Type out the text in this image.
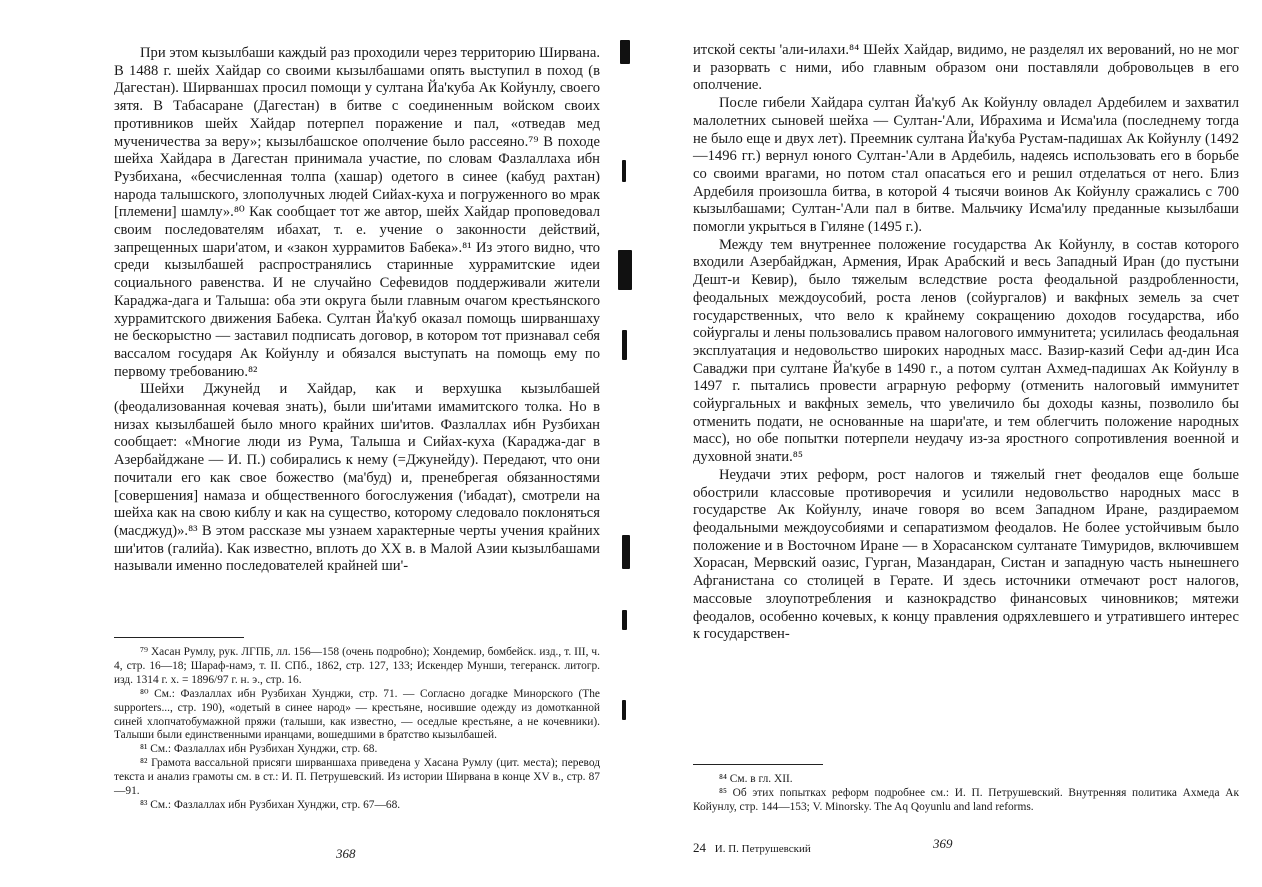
При этом кызылбаши каждый раз проходили через территорию Ширвана. В 1488 г. шейх Хайдар со своими кызылбашами опять выступил в поход (в Дагестан). Ширваншах просил помощи у султана Йа'куба Ак Койунлу, своего зятя. В Табасаране (Дагестан) в битве с соединенным войском своих противников шейх Хайдар потерпел поражение и пал, «отведав мед мученичества за веру»; кызылбашское ополчение было рассеяно.⁷⁹ В походе шейха Хайдара в Дагестан принимала участие, по словам Фазлаллаха ибн Рузбихана, «бесчисленная толпа (хашар) одетого в синее (кабуд рахтан) народа талышского, злополучных людей Сийах-куха и погруженного во мрак [племени] шамлу».⁸⁰ Как сообщает тот же автор, шейх Хайдар проповедовал своим последователям ибахат, т. е. учение о законности действий, запрещенных шари'атом, и «закон хуррамитов Бабека».⁸¹ Из этого видно, что среди кызылбашей распространялись старинные хуррамитские идеи социального равенства. И не случайно Сефевидов поддерживали жители Караджа-дага и Талыша: оба эти округа были главным очагом крестьянского хуррамитского движения Бабека. Султан Йа'куб оказал помощь ширваншаху не бескорыстно — заставил подписать договор, в котором тот признавал себя вассалом государя Ак Койунлу и обязался выступать на помощь ему по первому требованию.⁸²

Шейхи Джунейд и Хайдар, как и верхушка кызылбашей (феодализованная кочевая знать), были ши'итами имамитского толка. Но в низах кызылбашей было много крайних ши'итов. Фазлаллах ибн Рузбихан сообщает: «Многие люди из Рума, Талыша и Сийах-куха (Караджа-даг в Азербайджане — И. П.) собирались к нему (=Джунейду). Передают, что они почитали его как свое божество (ма'буд) и, пренебрегая обязанностями [совершения] намаза и общественного богослужения ('ибадат), смотрели на шейха как на свою киблу и как на существо, которому следовало поклоняться (масджуд)».⁸³ В этом рассказе мы узнаем характерные черты учения крайних ши'итов (галийа). Как известно, вплоть до XX в. в Малой Азии кызылбашами называли именно последователей крайней ши'-

⁷⁹ Хасан Румлу, рук. ЛГПБ, лл. 156—158 (очень подробно); Хондемир, бомбейск. изд., т. III, ч. 4, стр. 16—18; Шараф-намэ, т. II. СПб., 1862, стр. 127, 133; Искендер Мунши, тегеранск. литогр. изд. 1314 г. х. = 1896/97 г. н. э., стр. 16.

⁸⁰ См.: Фазлаллах ибн Рузбихан Хунджи, стр. 71. — Согласно догадке Минорского (The supporters..., стр. 190), «одетый в синее народ» — крестьяне, носившие одежду из домотканной синей хлопчатобумажной пряжи (талыши, как известно, — оседлые крестьяне, а не кочевники). Талыши были единственными иранцами, вошедшими в братство кызылбашей.

⁸¹ См.: Фазлаллах ибн Рузбихан Хунджи, стр. 68.

⁸² Грамота вассальной присяги ширваншаха приведена у Хасана Румлу (цит. места); перевод текста и анализ грамоты см. в ст.: И. П. Петрушевский. Из истории Ширвана в конце XV в., стр. 87—91.

⁸³ См.: Фазлаллах ибн Рузбихан Хунджи, стр. 67—68.

368

итской секты 'али-илахи.⁸⁴ Шейх Хайдар, видимо, не разделял их верований, но не мог и разорвать с ними, ибо главным образом они поставляли добровольцев в его ополчение.

После гибели Хайдара султан Йа'куб Ак Койунлу овладел Ардебилем и захватил малолетних сыновей шейха — Султан-'Али, Ибрахима и Исма'ила (последнему тогда не было еще и двух лет). Преемник султана Йа'куба Рустам-падишах Ак Койунлу (1492—1496 гг.) вернул юного Султан-'Али в Ардебиль, надеясь использовать его в борьбе со своими врагами, но потом стал опасаться его и решил отделаться от него. Близ Ардебиля произошла битва, в которой 4 тысячи воинов Ак Койунлу сражались с 700 кызылбашами; Султан-'Али пал в битве. Мальчику Исма'илу преданные кызылбаши помогли укрыться в Гиляне (1495 г.).

Между тем внутреннее положение государства Ак Койунлу, в состав которого входили Азербайджан, Армения, Ирак Арабский и весь Западный Иран (до пустыни Дешт-и Кевир), было тяжелым вследствие роста феодальной раздробленности, феодальных междоусобий, роста ленов (сойургалов) и вакфных земель за счет государственных, что вело к крайнему сокращению доходов государства, ибо сойургалы и лены пользовались правом налогового иммунитета; усилилась феодальная эксплуатация и недовольство широких народных масс. Вазир-казий Сефи ад-дин Иса Саваджи при султане Йа'кубе в 1490 г., а потом султан Ахмед-падишах Ак Койунлу в 1497 г. пытались провести аграрную реформу (отменить налоговый иммунитет сойургальных и вакфных земель, что увеличило бы доходы казны, позволило бы отменить подати, не основанные на шари'ате, и тем облегчить положение народных масс), но обе попытки потерпели неудачу из-за яростного сопротивления военной и духовной знати.⁸⁵

Неудачи этих реформ, рост налогов и тяжелый гнет феодалов еще больше обострили классовые противоречия и усилили недовольство народных масс в государстве Ак Койунлу, иначе говоря во всем Западном Иране, раздираемом феодальными междоусобиями и сепаратизмом феодалов. Не более устойчивым было положение и в Восточном Иране — в Хорасанском султанате Тимуридов, включившем Хорасан, Мервский оазис, Гурган, Мазандаран, Систан и западную часть нынешнего Афганистана со столицей в Герате. И здесь источники отмечают рост налогов, массовые злоупотребления и казнокрадство финансовых чиновников; мятежи феодалов, особенно кочевых, к концу правления одряхлевшего и утратившего интерес к государствен-

⁸⁴ См. в гл. XII.

⁸⁵ Об этих попытках реформ подробнее см.: И. П. Петрушевский. Внутренняя политика Ахмеда Ак Койунлу, стр. 144—153; V. Minorsky. The Aq Qoyunlu and land reforms.

24 И. П. Петрушевский	369
